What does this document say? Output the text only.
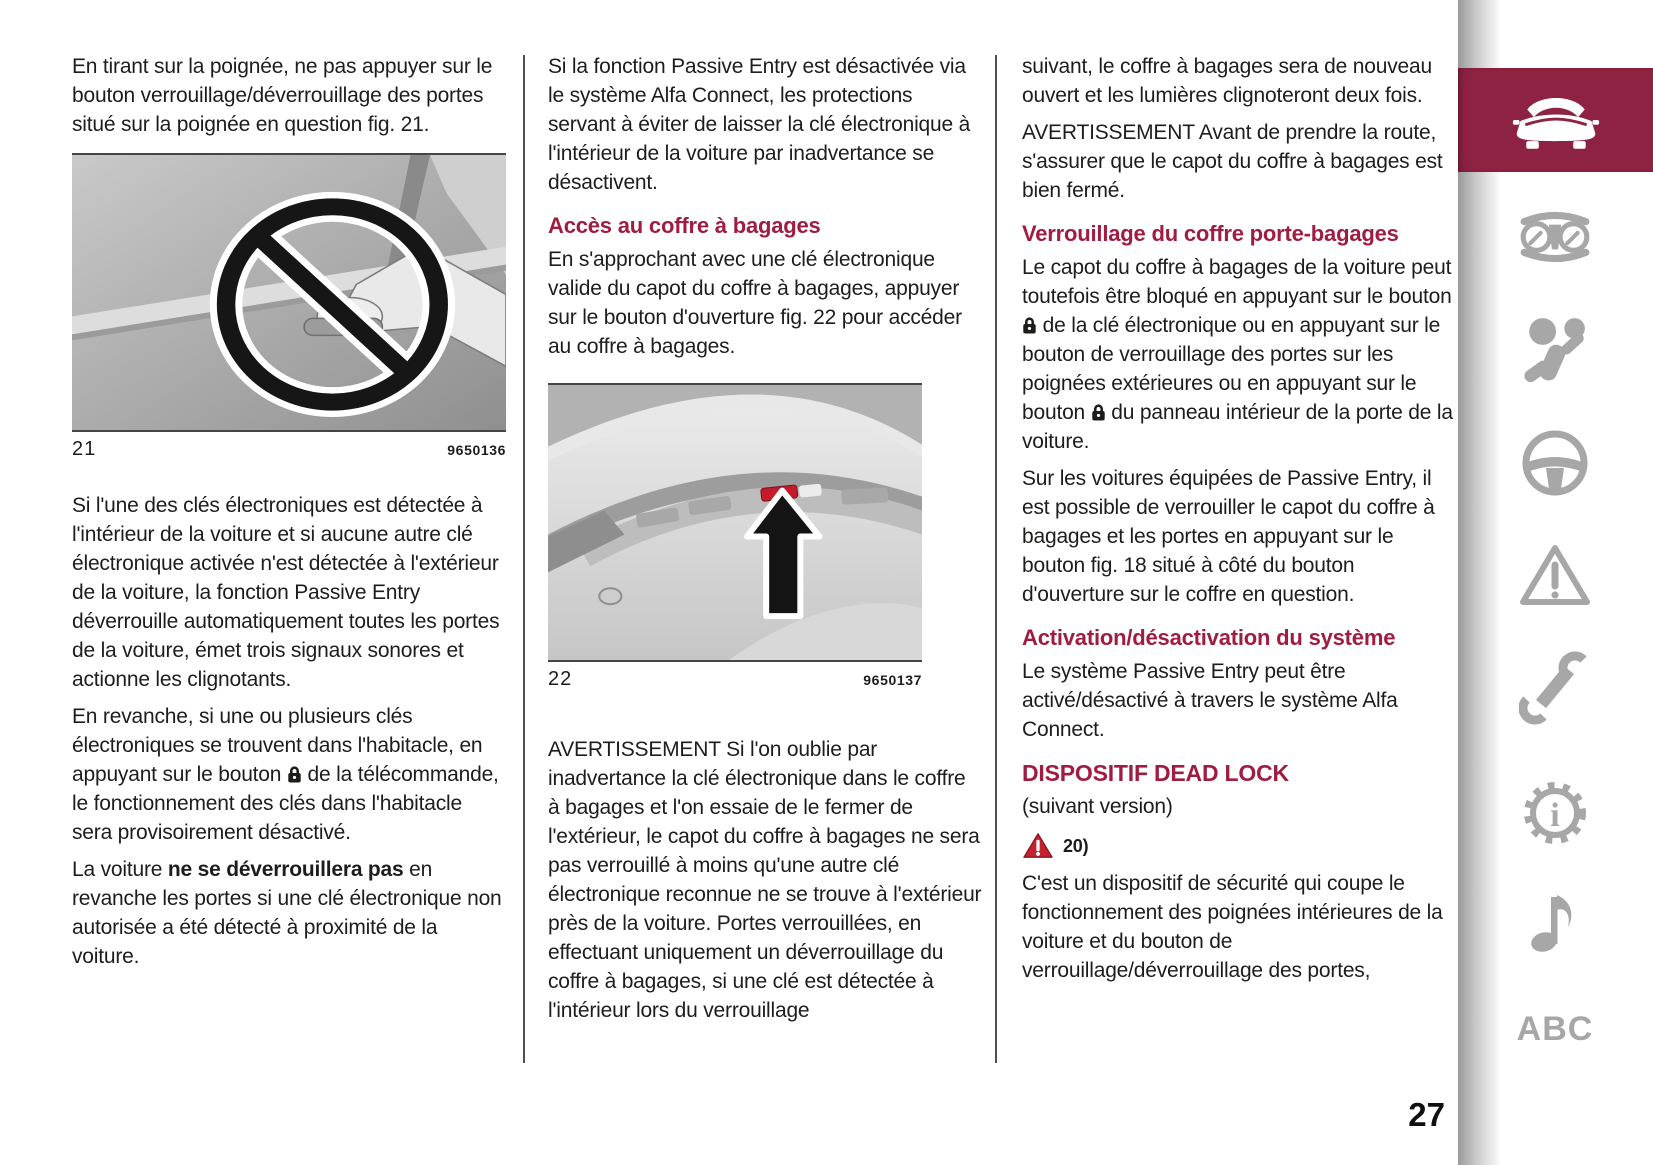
En tirant sur la poignée, ne pas appuyer sur le bouton verrouillage/déverrouillage des portes situé sur la poignée en question fig. 21.

21	9650136

Si l'une des clés électroniques est détectée à l'intérieur de la voiture et si aucune autre clé électronique activée n'est détectée à l'extérieur de la voiture, la fonction Passive Entry déverrouille automatiquement toutes les portes de la voiture, émet trois signaux sonores et actionne les clignotants.

En revanche, si une ou plusieurs clés électroniques se trouvent dans l'habitacle, en appuyant sur le bouton  de la télécommande, le fonctionnement des clés dans l'habitacle sera provisoirement désactivé.

La voiture ne se déverrouillera pas en revanche les portes si une clé électronique non autorisée a été détecté à proximité de la voiture.

Si la fonction Passive Entry est désactivée via le système Alfa Connect, les protections servant à éviter de laisser la clé électronique à l'intérieur de la voiture par inadvertance se désactivent.

Accès au coffre à bagages

En s'approchant avec une clé électronique valide du capot du coffre à bagages, appuyer sur le bouton d'ouverture fig. 22 pour accéder au coffre à bagages.

22	9650137

AVERTISSEMENT Si l'on oublie par inadvertance la clé électronique dans le coffre à bagages et l'on essaie de le fermer de l'extérieur, le capot du coffre à bagages ne sera pas verrouillé à moins qu'une autre clé électronique reconnue ne se trouve à l'extérieur près de la voiture. Portes verrouillées, en effectuant uniquement un déverrouillage du coffre à bagages, si une clé est détectée à l'intérieur lors du verrouillage

suivant, le coffre à bagages sera de nouveau ouvert et les lumières clignoteront deux fois.

AVERTISSEMENT Avant de prendre la route, s'assurer que le capot du coffre à bagages est bien fermé.

Verrouillage du coffre porte-bagages

Le capot du coffre à bagages de la voiture peut toutefois être bloqué en appuyant sur le bouton  de la clé électronique ou en appuyant sur le bouton de verrouillage des portes sur les poignées extérieures ou en appuyant sur le bouton  du panneau intérieur de la porte de la voiture.

Sur les voitures équipées de Passive Entry, il est possible de verrouiller le capot du coffre à bagages et les portes en appuyant sur le bouton fig. 18 situé à côté du bouton d'ouverture sur le coffre en question.

Activation/désactivation du système

Le système Passive Entry peut être activé/désactivé à travers le système Alfa Connect.

DISPOSITIF DEAD LOCK

(suivant version)

20)

C'est un dispositif de sécurité qui coupe le fonctionnement des poignées intérieures de la voiture et du bouton de verrouillage/déverrouillage des portes,

i
ABC
27
